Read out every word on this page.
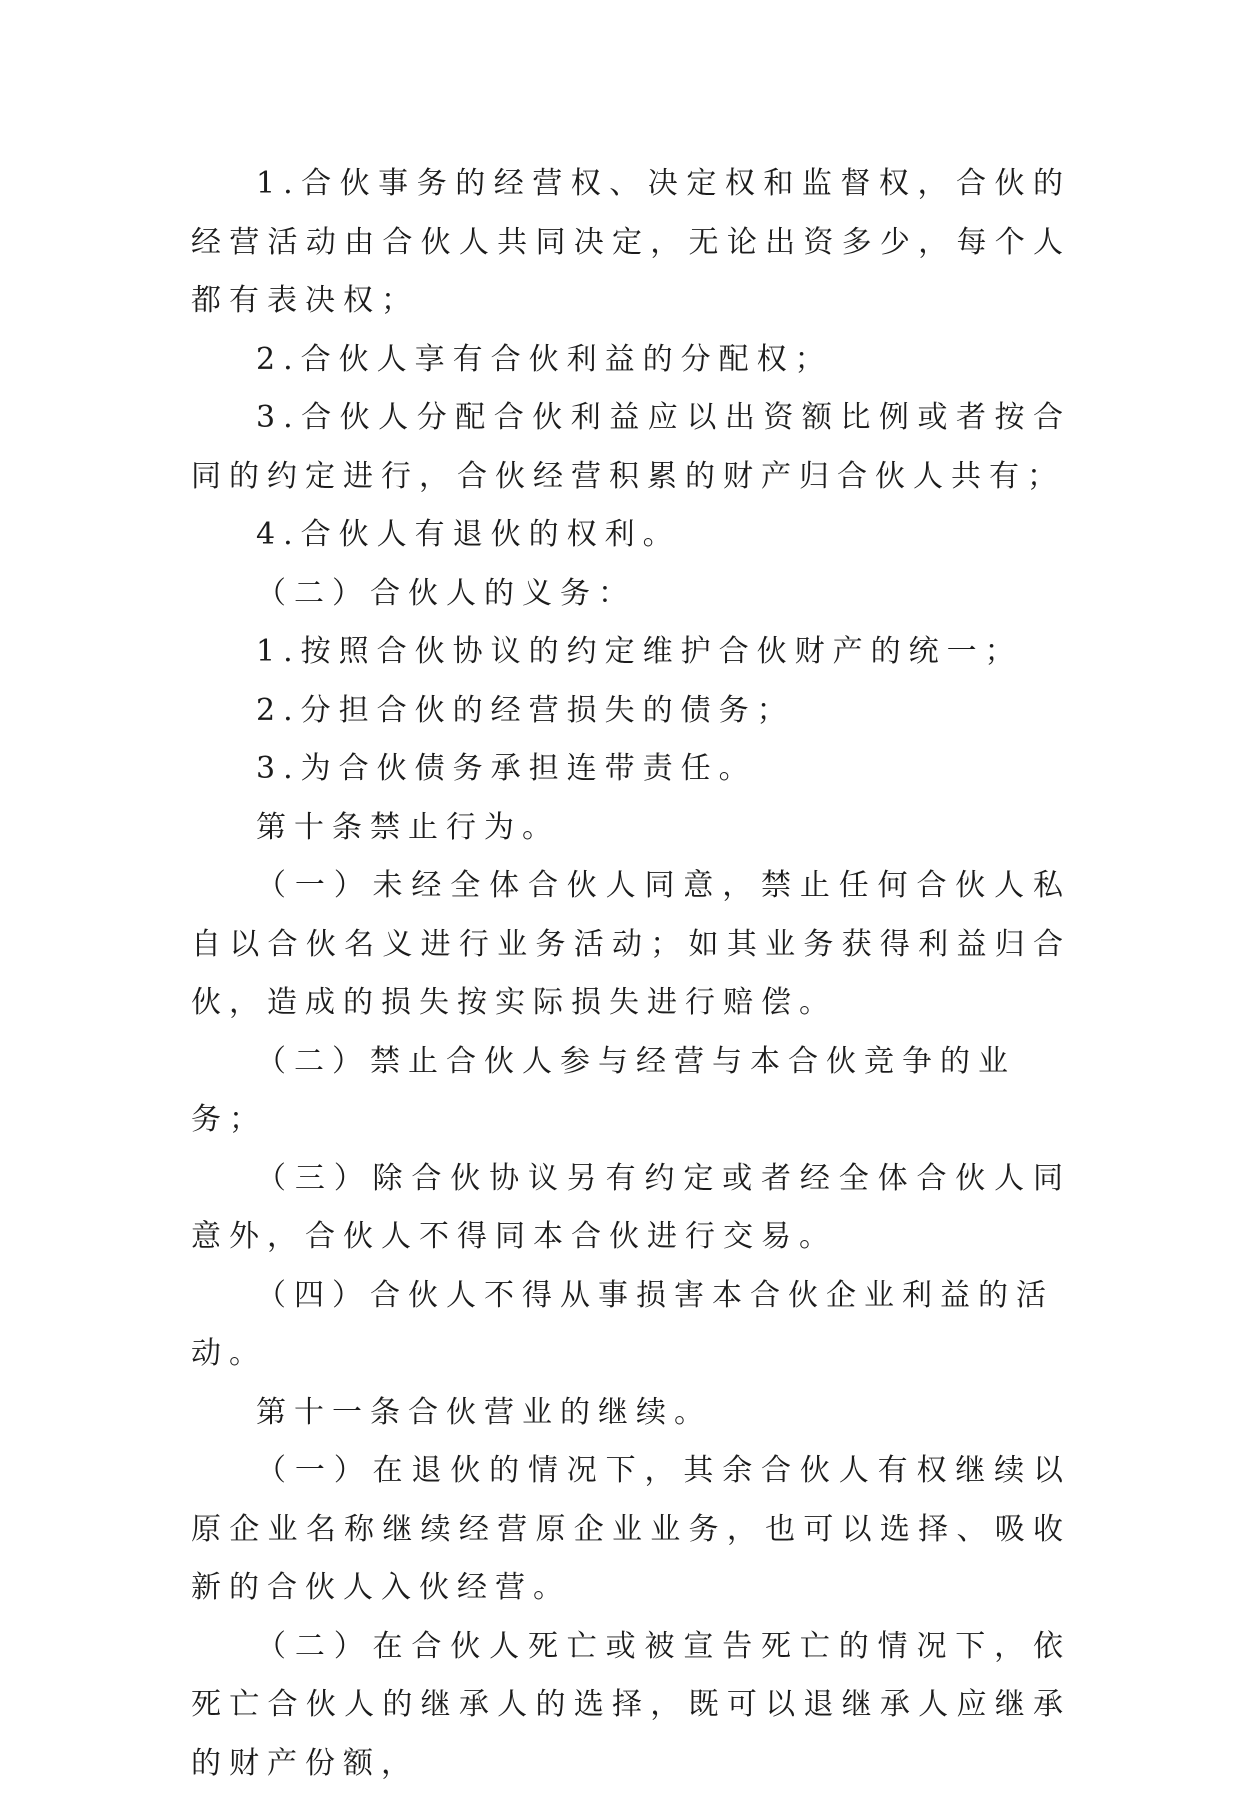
1.合伙事务的经营权、决定权和监督权，合伙的经营活动由合伙人共同决定，无论出资多少，每个人都有表决权；

2.合伙人享有合伙利益的分配权；

3.合伙人分配合伙利益应以出资额比例或者按合同的约定进行，合伙经营积累的财产归合伙人共有；

4.合伙人有退伙的权利。

（二）合伙人的义务：

1.按照合伙协议的约定维护合伙财产的统一；

2.分担合伙的经营损失的债务；

3.为合伙债务承担连带责任。

第十条禁止行为。

（一）未经全体合伙人同意，禁止任何合伙人私自以合伙名义进行业务活动；如其业务获得利益归合伙，造成的损失按实际损失进行赔偿。

（二）禁止合伙人参与经营与本合伙竞争的业务；

（三）除合伙协议另有约定或者经全体合伙人同意外，合伙人不得同本合伙进行交易。

（四）合伙人不得从事损害本合伙企业利益的活动。

第十一条合伙营业的继续。

（一）在退伙的情况下，其余合伙人有权继续以原企业名称继续经营原企业业务，也可以选择、吸收新的合伙人入伙经营。

（二）在合伙人死亡或被宣告死亡的情况下，依死亡合伙人的继承人的选择，既可以退继承人应继承的财产份额，
